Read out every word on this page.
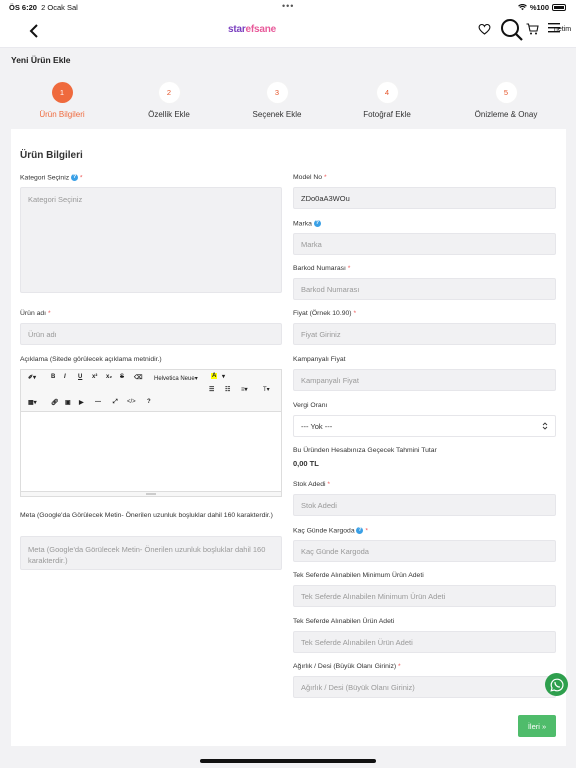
ÖS 6:20 2 Ocak Sal	•••	%100
starefsane	netim
Yeni Ürün Ekle
1
Ürün Bilgileri
2
Özellik Ekle
3
Seçenek Ekle
4
Fotoğraf Ekle
5
Önizleme & Onay
Ürün Bilgileri
Kategori Seçiniz ? *
Kategori Seçiniz
Ürün adı *
Ürün adı
Açıklama (Sitede görülecek açıklama metnidir.)
✐▾ B I U x² x₂ S ⌫ Helvetica Neue▾ A ▾
☰ ☷ ≡▾	T▾
▦▾ 🔗︎ ▣ ▶ — ⤢ </> ?
Meta (Google'da Görülecek Metin- Önerilen uzunluk boşluklar dahil 160 karakterdir.)
Meta (Google'da Görülecek Metin- Önerilen uzunluk boşluklar dahil 160 karakterdir.)
Model No *
ZDo0aA3WOu
Marka ?
Marka
Barkod Numarası *
Barkod Numarası
Fiyat (Örnek 10.90) *
Fiyat Giriniz
Kampanyalı Fiyat
Kampanyalı Fiyat
Vergi Oranı
--- Yok ---
Bu Üründen Hesabınıza Geçecek Tahmini Tutar
0,00 TL
Stok Adedi *
Stok Adedi
Kaç Günde Kargoda ? *
Kaç Günde Kargoda
Tek Seferde Alınabilen Minimum Ürün Adeti
Tek Seferde Alınabilen Minimum Ürün Adeti
Tek Seferde Alınabilen Ürün Adeti
Tek Seferde Alınabilen Ürün Adeti
Ağırlık / Desi (Büyük Olanı Giriniz) *
Ağırlık / Desi (Büyük Olanı Giriniz)
İleri »
